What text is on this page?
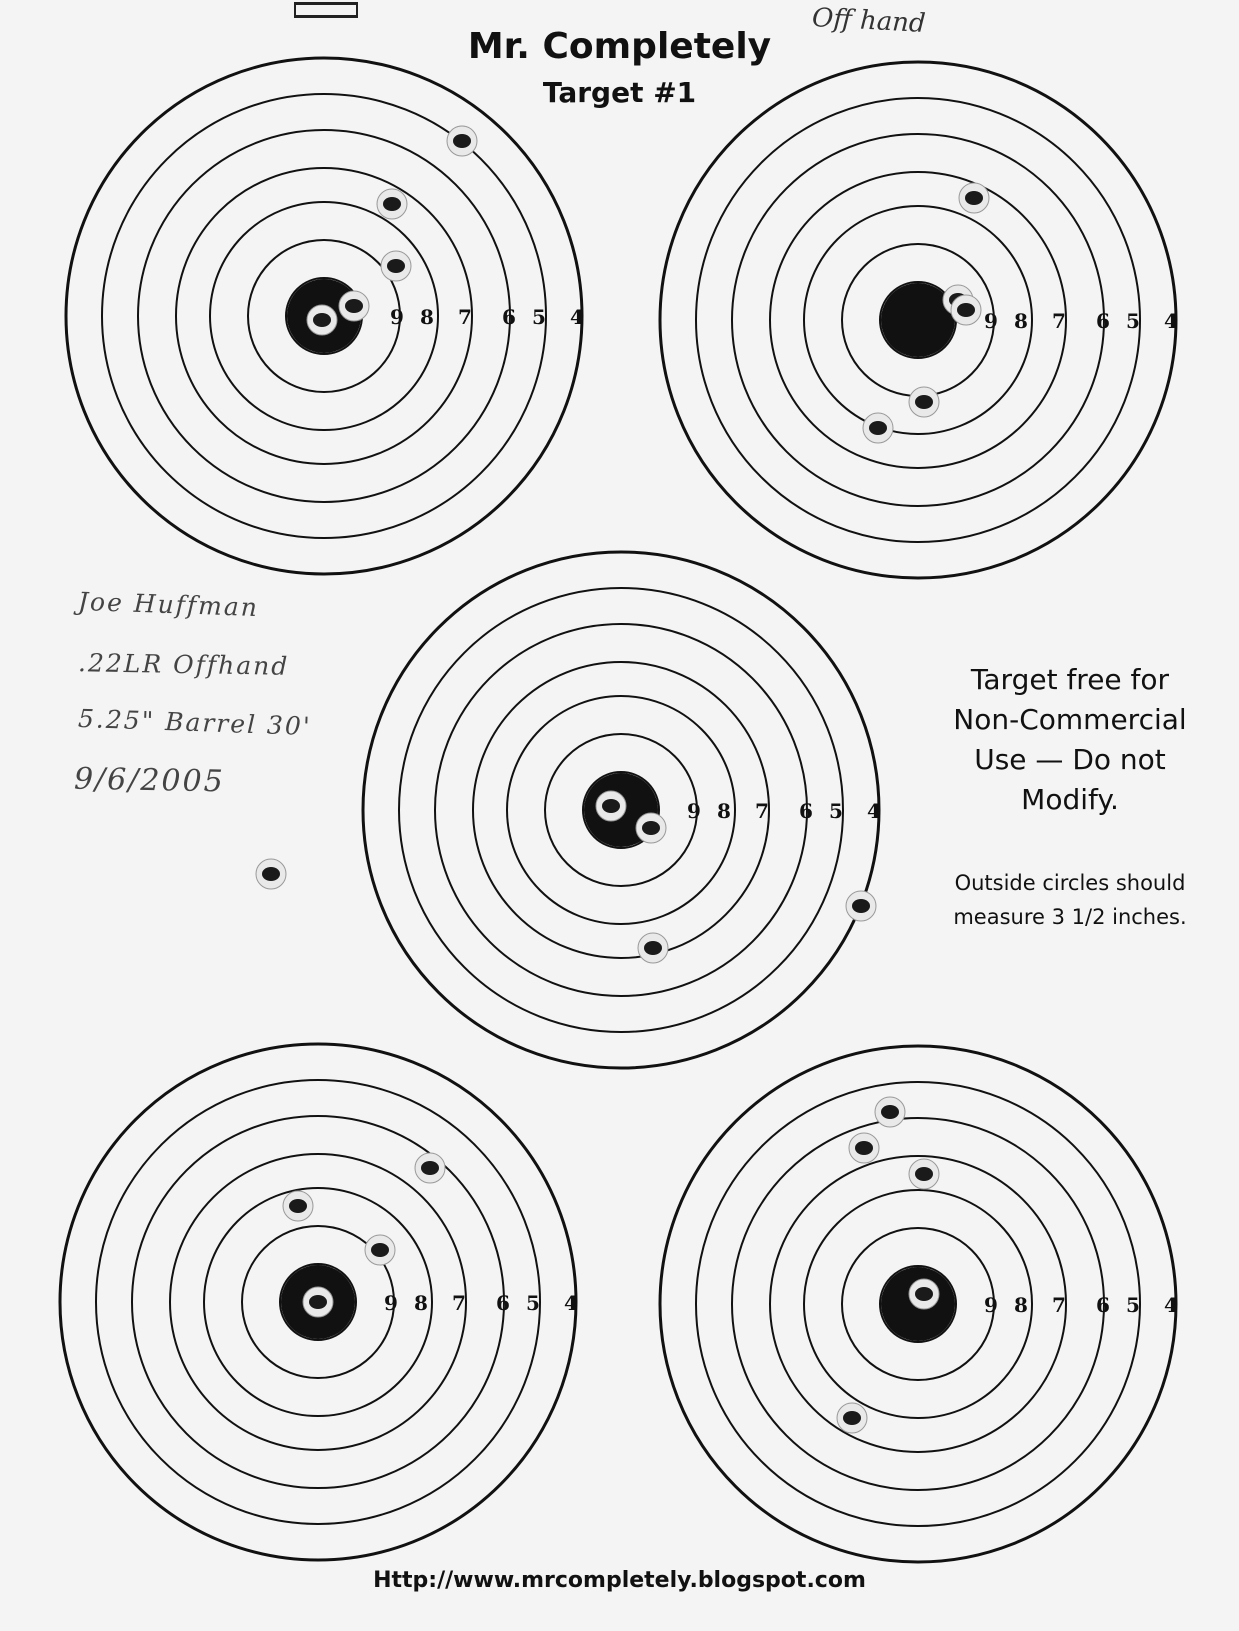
Mr. Completely
Target #1
Off hand
9 8 7 6 5 4	9 8 7 6 5 4
9 8 7 6 5 4
9 8 7 6 5 4	9 8 7 6 5 4
Joe Huffman
.22LR Offhand
5.25" Barrel 30'
9/6/2005
Target free for
Non-Commercial
Use — Do not
Modify.
Outside circles should
measure 3 1/2 inches.
Http://www.mrcompletely.blogspot.com
